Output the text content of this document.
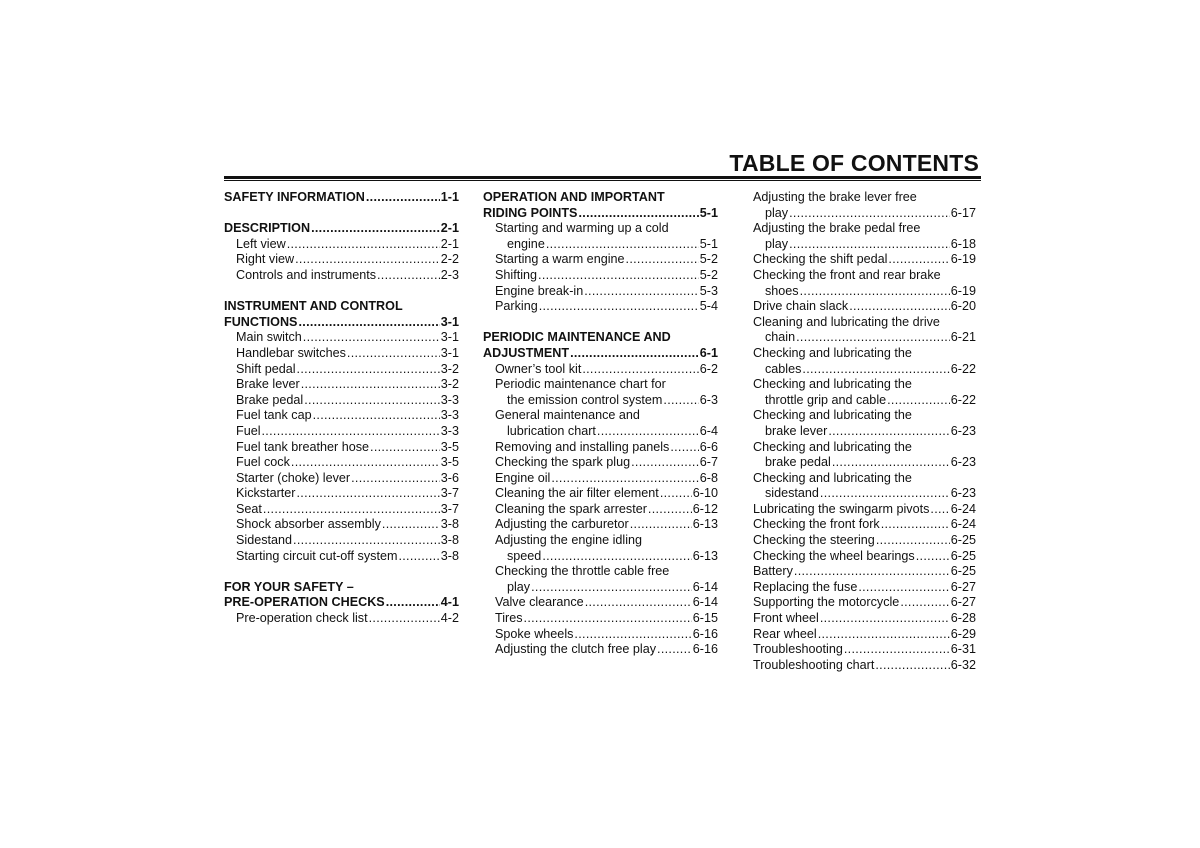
TABLE OF CONTENTS
SAFETY INFORMATION .....	1-1
DESCRIPTION .....	2-1
Left view .....	2-1
Right view .....	2-2
Controls and instruments .....	2-3
INSTRUMENT AND CONTROL
FUNCTIONS .....	3-1
Main switch .....	3-1
Handlebar switches .....	3-1
Shift pedal .....	3-2
Brake lever .....	3-2
Brake pedal .....	3-3
Fuel tank cap .....	3-3
Fuel .....	3-3
Fuel tank breather hose .....	3-5
Fuel cock .....	3-5
Starter (choke) lever .....	3-6
Kickstarter .....	3-7
Seat .....	3-7
Shock absorber assembly .....	3-8
Sidestand .....	3-8
Starting circuit cut-off system .....	3-8
FOR YOUR SAFETY –
PRE-OPERATION CHECKS .....	4-1
Pre-operation check list .....	4-2
OPERATION AND IMPORTANT
RIDING POINTS .....	5-1
Starting and warming up a cold
engine .....	5-1
Starting a warm engine .....	5-2
Shifting .....	5-2
Engine break-in .....	5-3
Parking .....	5-4
PERIODIC MAINTENANCE AND
ADJUSTMENT .....	6-1
Owner’s tool kit .....	6-2
Periodic maintenance chart for
the emission control system .....	6-3
General maintenance and
lubrication chart .....	6-4
Removing and installing panels ..... 6-6
Checking the spark plug .....	6-7
Engine oil .....	6-8
Cleaning the air filter element .....	6-10
Cleaning the spark arrester .....	6-12
Adjusting the carburetor .....	6-13
Adjusting the engine idling
speed .....	6-13
Checking the throttle cable free
play .....	6-14
Valve clearance .....	6-14
Tires .....	6-15
Spoke wheels .....	6-16
Adjusting the clutch free play .....	6-16
Adjusting the brake lever free
play .....	6-17
Adjusting the brake pedal free
play .....	6-18
Checking the shift pedal .....	6-19
Checking the front and rear brake
shoes .....	6-19
Drive chain slack .....	6-20
Cleaning and lubricating the drive
chain .....	6-21
Checking and lubricating the
cables .....	6-22
Checking and lubricating the
throttle grip and cable .....	6-22
Checking and lubricating the
brake lever .....	6-23
Checking and lubricating the
brake pedal .....	6-23
Checking and lubricating the
sidestand .....	6-23
Lubricating the swingarm pivots ..... 6-24
Checking the front fork .....	6-24
Checking the steering .....	6-25
Checking the wheel bearings .....	6-25
Battery .....	6-25
Replacing the fuse .....	6-27
Supporting the motorcycle .....	6-27
Front wheel .....	6-28
Rear wheel .....	6-29
Troubleshooting .....	6-31
Troubleshooting chart .....	6-32
